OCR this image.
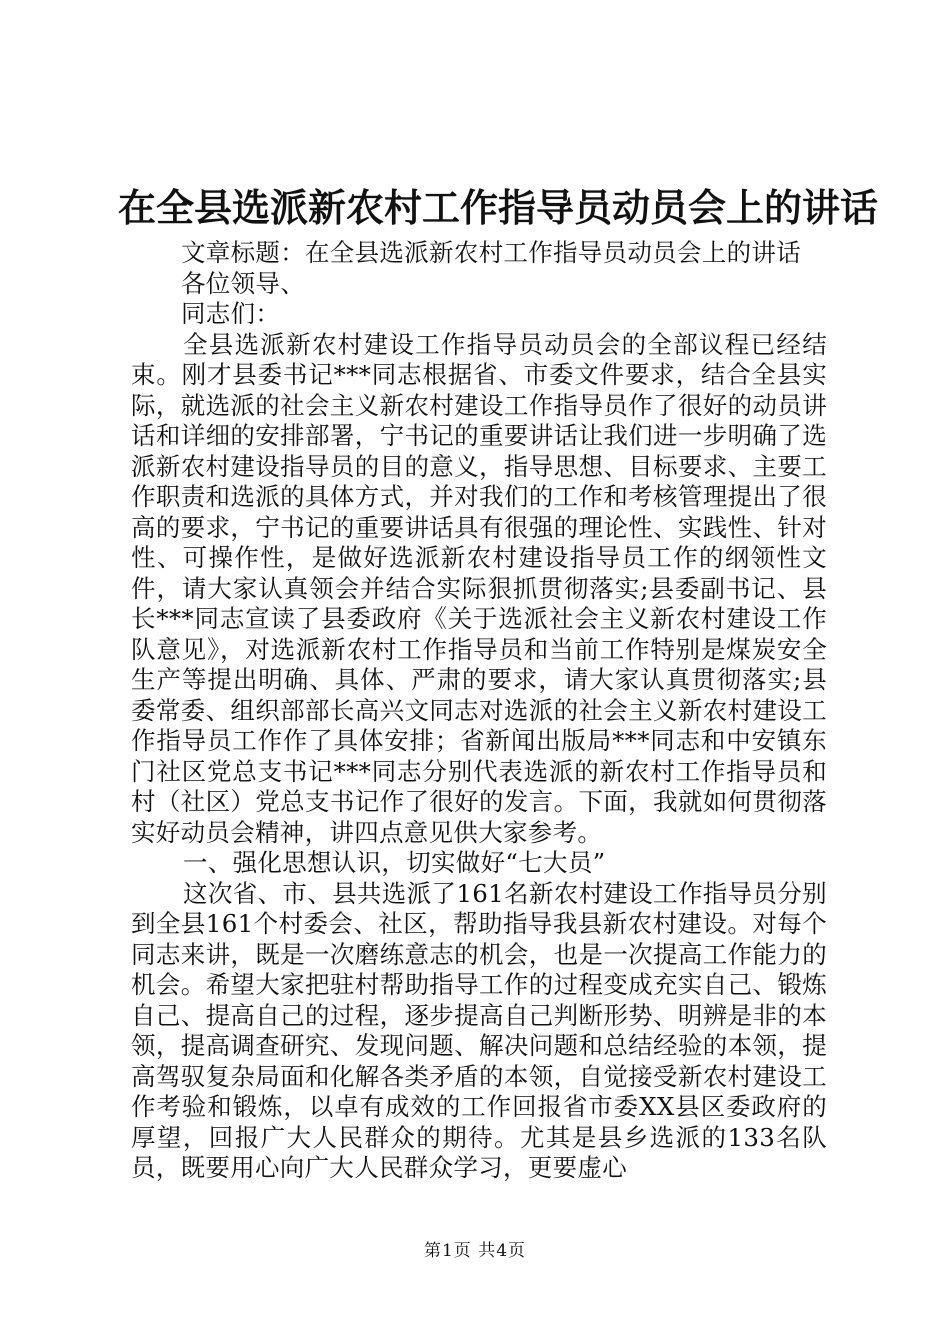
在全县选派新农村工作指导员动员会上的讲话

文章标题：在全县选派新农村工作指导员动员会上的讲话

各位领导、

同志们：

全县选派新农村建设工作指导员动员会的全部议程已经结束。刚才县委书记***同志根据省、市委文件要求，结合全县实际，就选派的社会主义新农村建设工作指导员作了很好的动员讲话和详细的安排部署，宁书记的重要讲话让我们进一步明确了选派新农村建设指导员的目的意义，指导思想、目标要求、主要工作职责和选派的具体方式，并对我们的工作和考核管理提出了很高的要求，宁书记的重要讲话具有很强的理论性、实践性、针对性、可操作性，是做好选派新农村建设指导员工作的纲领性文件，请大家认真领会并结合实际狠抓贯彻落实;县委副书记、县长***同志宣读了县委政府《关于选派社会主义新农村建设工作队意见》，对选派新农村工作指导员和当前工作特别是煤炭安全生产等提出明确、具体、严肃的要求，请大家认真贯彻落实;县委常委、组织部部长高兴文同志对选派的社会主义新农村建设工作指导员工作作了具体安排；省新闻出版局***同志和中安镇东门社区党总支书记***同志分别代表选派的新农村工作指导员和村（社区）党总支书记作了很好的发言。下面，我就如何贯彻落实好动员会精神，讲四点意见供大家参考。

一、强化思想认识，切实做好“七大员”

这次省、市、县共选派了161名新农村建设工作指导员分别到全县161个村委会、社区，帮助指导我县新农村建设。对每个同志来讲，既是一次磨练意志的机会，也是一次提高工作能力的机会。希望大家把驻村帮助指导工作的过程变成充实自己、锻炼自己、提高自己的过程，逐步提高自己判断形势、明辨是非的本领，提高调查研究、发现问题、解决问题和总结经验的本领，提高驾驭复杂局面和化解各类矛盾的本领，自觉接受新农村建设工作考验和锻炼，以卓有成效的工作回报省市委XX县区委政府的厚望，回报广大人民群众的期待。尤其是县乡选派的133名队员，既要用心向广大人民群众学习，更要虚心

第1页 共4页
